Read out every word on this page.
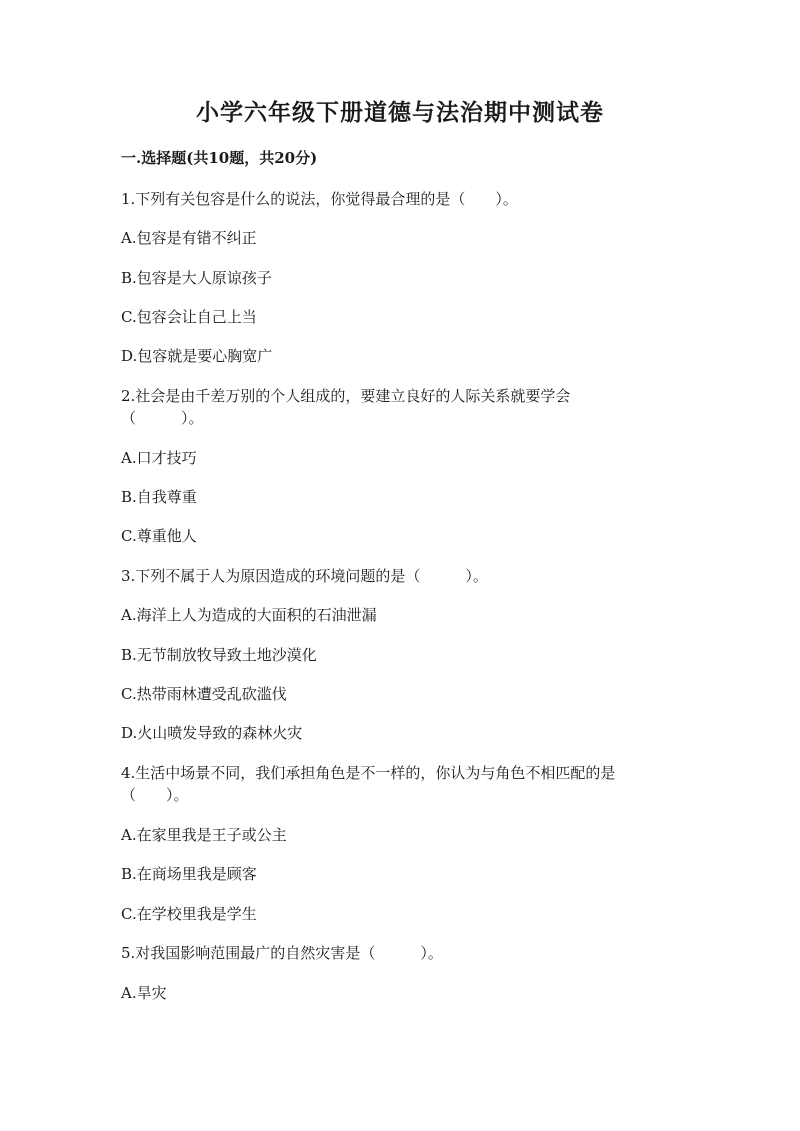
小学六年级下册道德与法治期中测试卷
一.选择题(共10题，共20分)
1.下列有关包容是什么的说法，你觉得最合理的是（　　）。
A.包容是有错不纠正
B.包容是大人原谅孩子
C.包容会让自己上当
D.包容就是要心胸宽广
2.社会是由千差万别的个人组成的，要建立良好的人际关系就要学会
（　　　）。
A.口才技巧
B.自我尊重
C.尊重他人
3.下列不属于人为原因造成的环境问题的是（　　　）。
A.海洋上人为造成的大面积的石油泄漏
B.无节制放牧导致土地沙漠化
C.热带雨林遭受乱砍滥伐
D.火山喷发导致的森林火灾
4.生活中场景不同，我们承担角色是不一样的，你认为与角色不相匹配的是
（　　）。
A.在家里我是王子或公主
B.在商场里我是顾客
C.在学校里我是学生
5.对我国影响范围最广的自然灾害是（　　　）。
A.旱灾
